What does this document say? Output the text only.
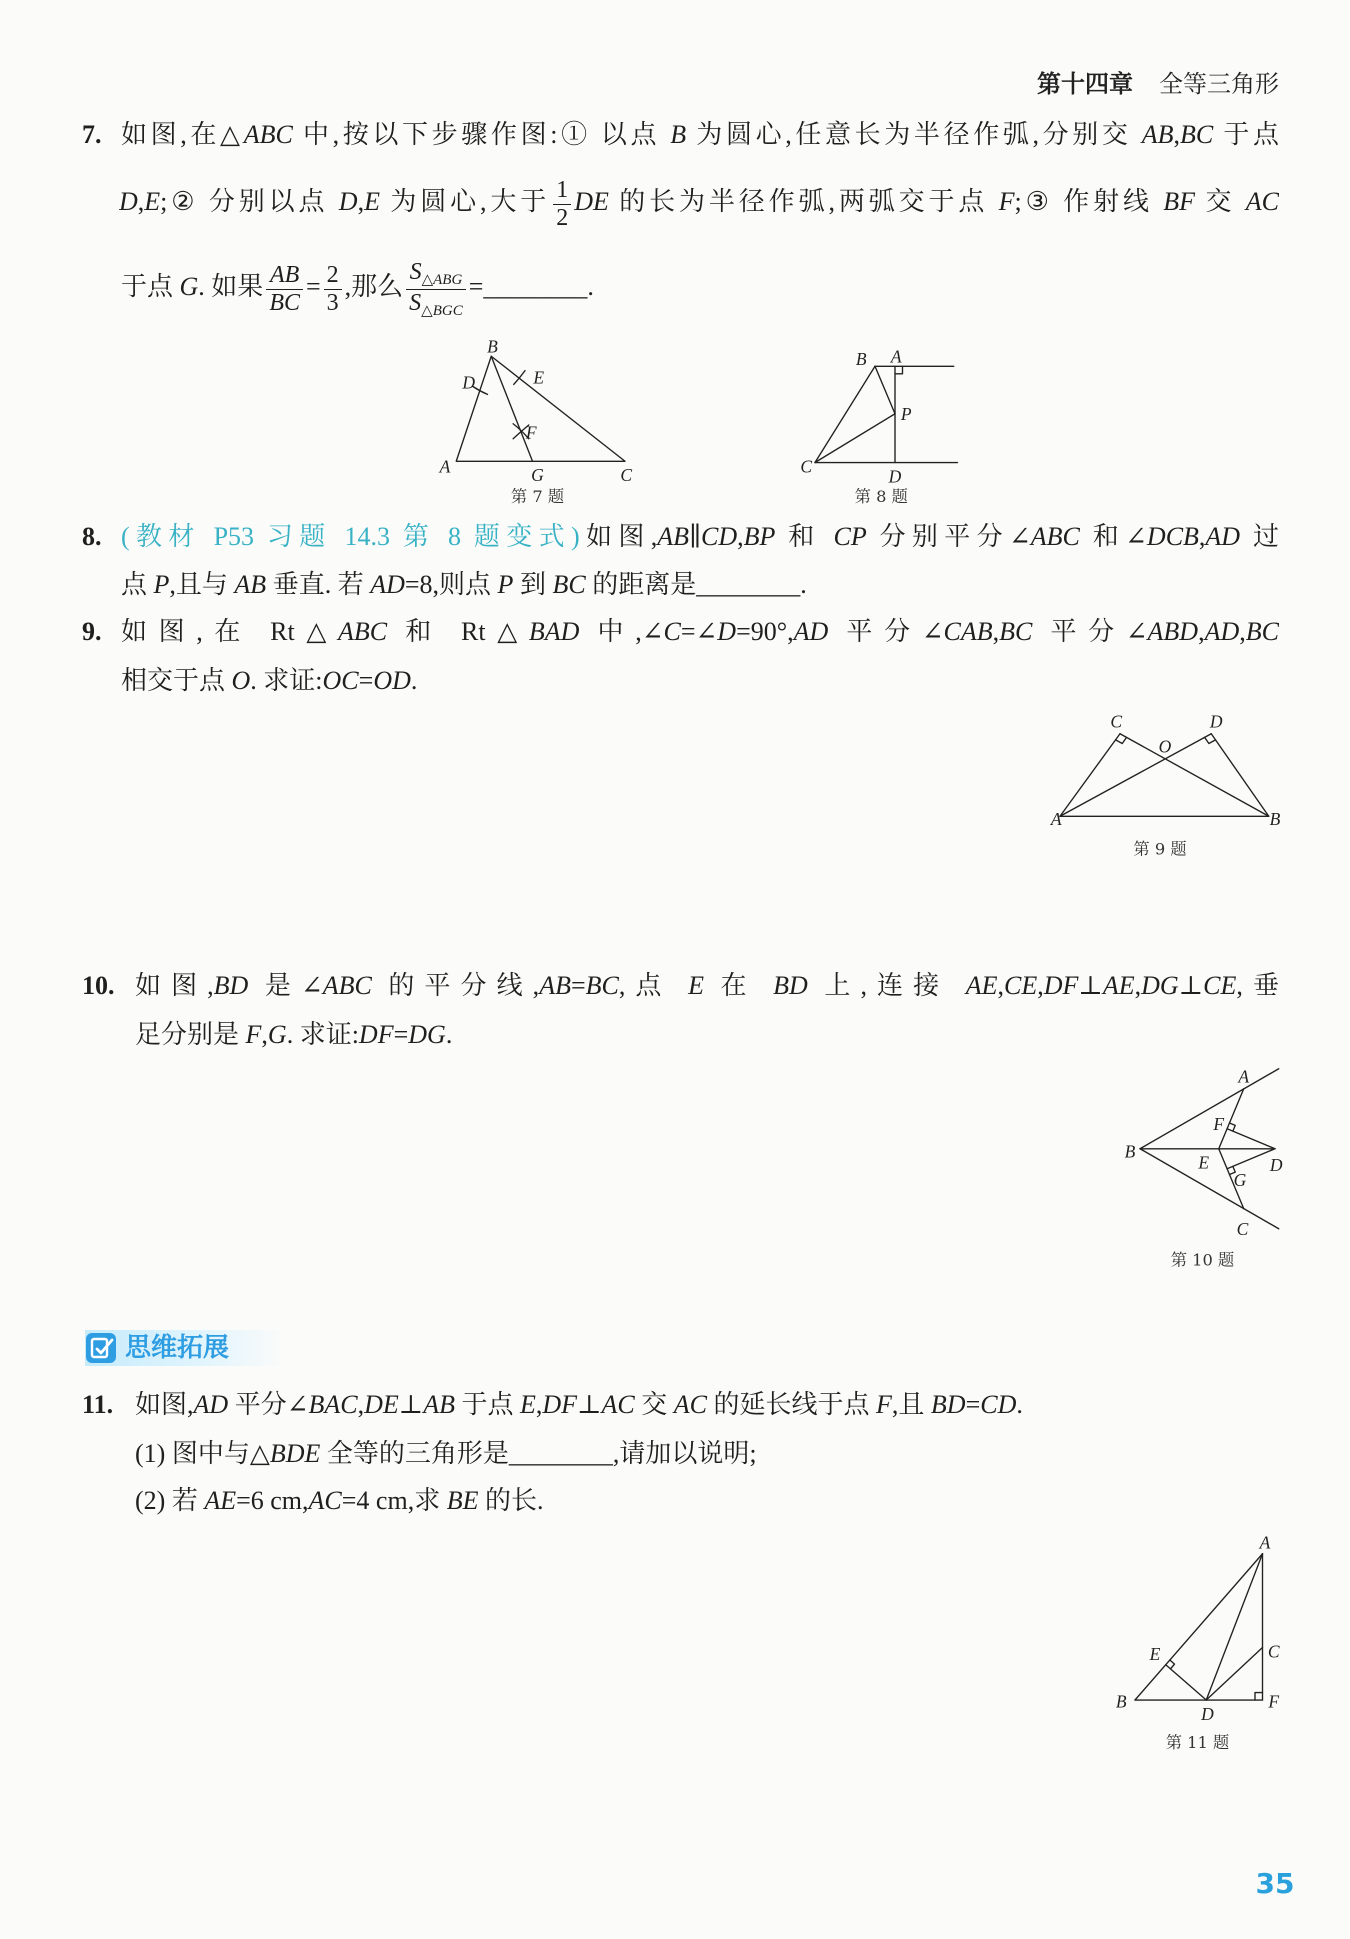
第十四章 全等三角形
7. 如图,在△ABC 中,按以下步骤作图:① 以点 B 为圆心,任意长为半径作弧,分别交 AB,BC 于点
D,E;② 分别以点 D,E 为圆心,大于 $\frac{1}{2}$ DE 的长为半径作弧,两弧交于点 F;③ 作射线 BF 交 AC
于点 G. 如果 $\frac{AB}{BC} = \frac{2}{3}$ ,那么 $\frac{S_{\triangle ABG}}{S_{\triangle BGC}}$ =________.
8. (教材 P53 习题 14.3 第 8 题变式)如图,AB∥CD,BP 和 CP 分别平分∠ABC 和∠DCB,AD 过
点 P,且与 AB 垂直. 若 AD=8,则点 P 到 BC 的距离是________.
9. 如图,在 Rt△ABC 和 Rt△BAD 中,∠C=∠D=90°,AD 平分∠CAB,BC 平分∠ABD,AD,BC
相交于点 O. 求证:OC=OD.
10. 如图,BD 是∠ABC 的平分线,AB=BC,点 E 在 BD 上,连接 AE,CE,DF⊥AE,DG⊥CE,垂
足分别是 F,G. 求证:DF=DG.
思维拓展
11. 如图,AD 平分∠BAC,DE⊥AB 于点 E,DF⊥AC 交 AC 的延长线于点 F,且 BD=CD.
(1) 图中与△BDE 全等的三角形是________,请加以说明;
(2) 若 AE=6 cm,AC=4 cm,求 BE 的长.
B
D	E
F
A	G	C
第 7 题
B A
P
C	D
第 8 题
C
O
D
A	B
第 9 题
A
F
B
E	D
G
C
第 10 题
A
E	C
B
D
F
第 11 题
35
